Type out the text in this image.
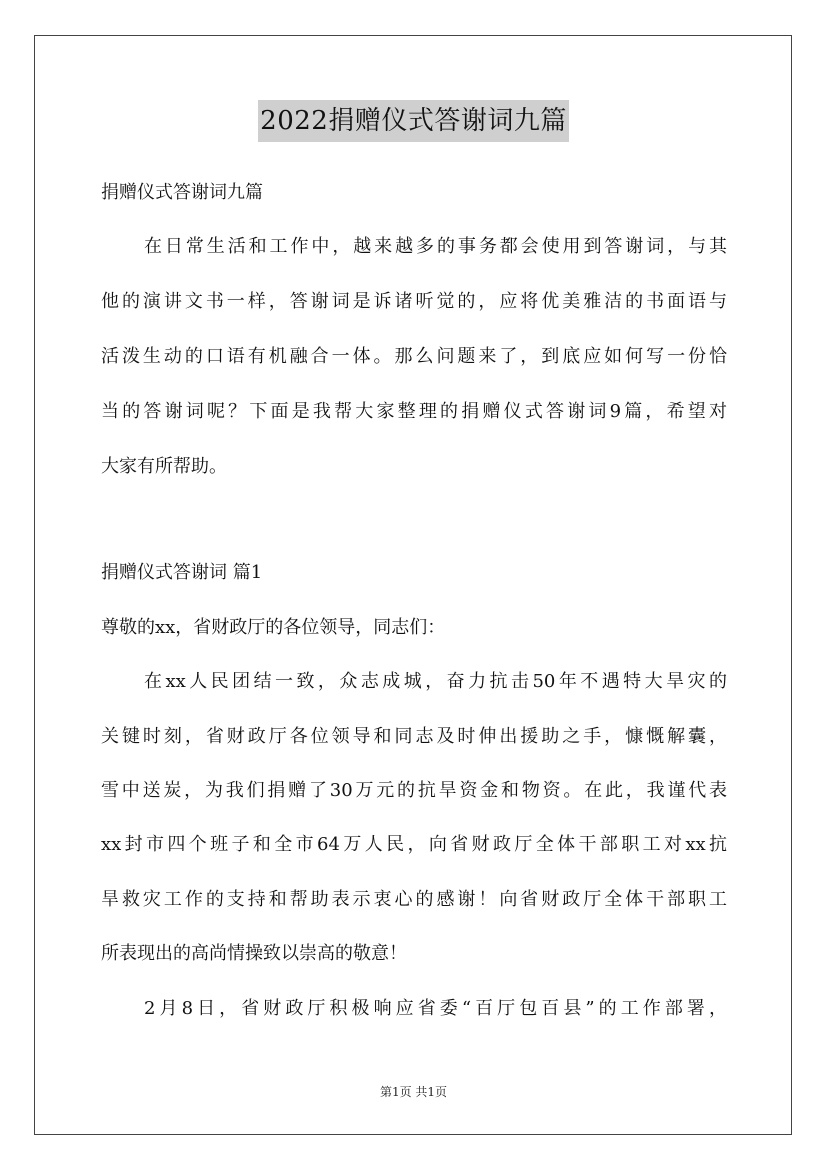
2022捐赠仪式答谢词九篇
捐赠仪式答谢词九篇
在日常生活和工作中，越来越多的事务都会使用到答谢词，与其
他的演讲文书一样，答谢词是诉诸听觉的，应将优美雅洁的书面语与
活泼生动的口语有机融合一体。那么问题来了，到底应如何写一份恰
当的答谢词呢？下面是我帮大家整理的捐赠仪式答谢词9篇，希望对
大家有所帮助。
捐赠仪式答谢词 篇1
尊敬的xx，省财政厅的各位领导，同志们：
在xx人民团结一致，众志成城，奋力抗击50年不遇特大旱灾的
关键时刻，省财政厅各位领导和同志及时伸出援助之手，慷慨解囊，
雪中送炭，为我们捐赠了30万元的抗旱资金和物资。在此，我谨代表
xx封市四个班子和全市64万人民，向省财政厅全体干部职工对xx抗
旱救灾工作的支持和帮助表示衷心的感谢！向省财政厅全体干部职工
所表现出的高尚情操致以崇高的敬意！
2月8日，省财政厅积极响应省委“百厅包百县”的工作部署，
第1页 共1页
